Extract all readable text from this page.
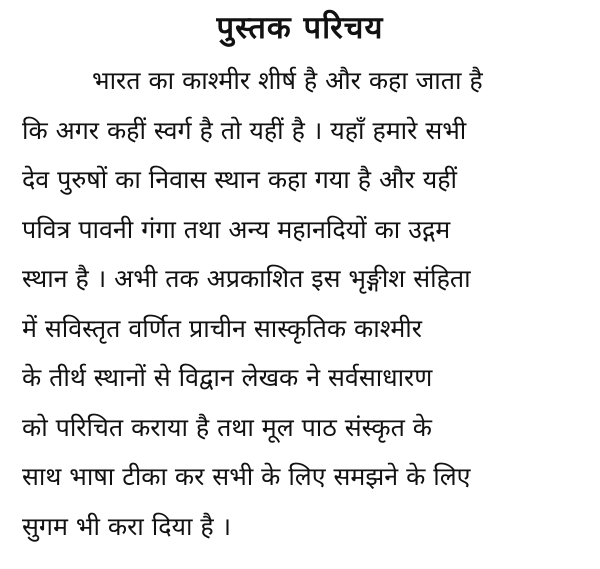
पुस्तक परिचय
भारत का काश्मीर शीर्ष है और कहा जाता है
कि अगर कहीं स्वर्ग है तो यहीं है । यहाँ हमारे सभी
देव पुरुषों का निवास स्थान कहा गया है और यहीं
पवित्र पावनी गंगा तथा अन्य महानदियों का उद्गम
स्थान है । अभी तक अप्रकाशित इस भृङ्गीश संहिता
में सविस्तृत वर्णित प्राचीन सास्कृतिक काश्मीर
के तीर्थ स्थानों से विद्वान लेखक ने सर्वसाधारण
को परिचित कराया है तथा मूल पाठ संस्कृत के
साथ भाषा टीका कर सभी के लिए समझने के लिए
सुगम भी करा दिया है ।
